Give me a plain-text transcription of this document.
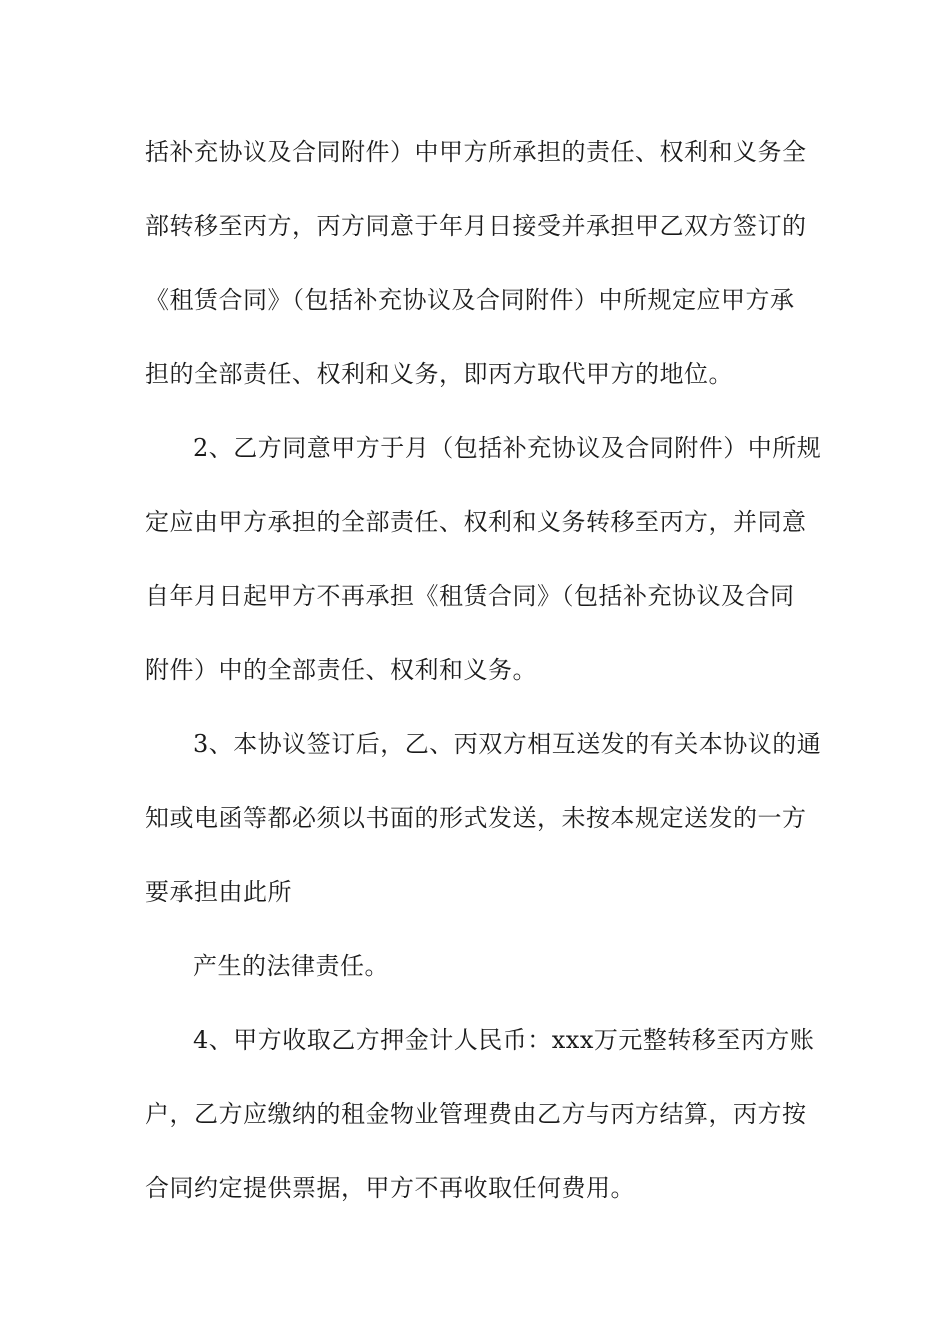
括补充协议及合同附件）中甲方所承担的责任、权利和义务全
部转移至丙方，丙方同意于年月日接受并承担甲乙双方签订的
《租赁合同》（包括补充协议及合同附件）中所规定应甲方承
担的全部责任、权利和义务，即丙方取代甲方的地位。
2、乙方同意甲方于月（包括补充协议及合同附件）中所规
定应由甲方承担的全部责任、权利和义务转移至丙方，并同意
自年月日起甲方不再承担《租赁合同》（包括补充协议及合同
附件）中的全部责任、权利和义务。
3、本协议签订后，乙、丙双方相互送发的有关本协议的通
知或电函等都必须以书面的形式发送，未按本规定送发的一方
要承担由此所
产生的法律责任。
4、甲方收取乙方押金计人民币：xxx万元整转移至丙方账
户，乙方应缴纳的租金物业管理费由乙方与丙方结算，丙方按
合同约定提供票据，甲方不再收取任何费用。
